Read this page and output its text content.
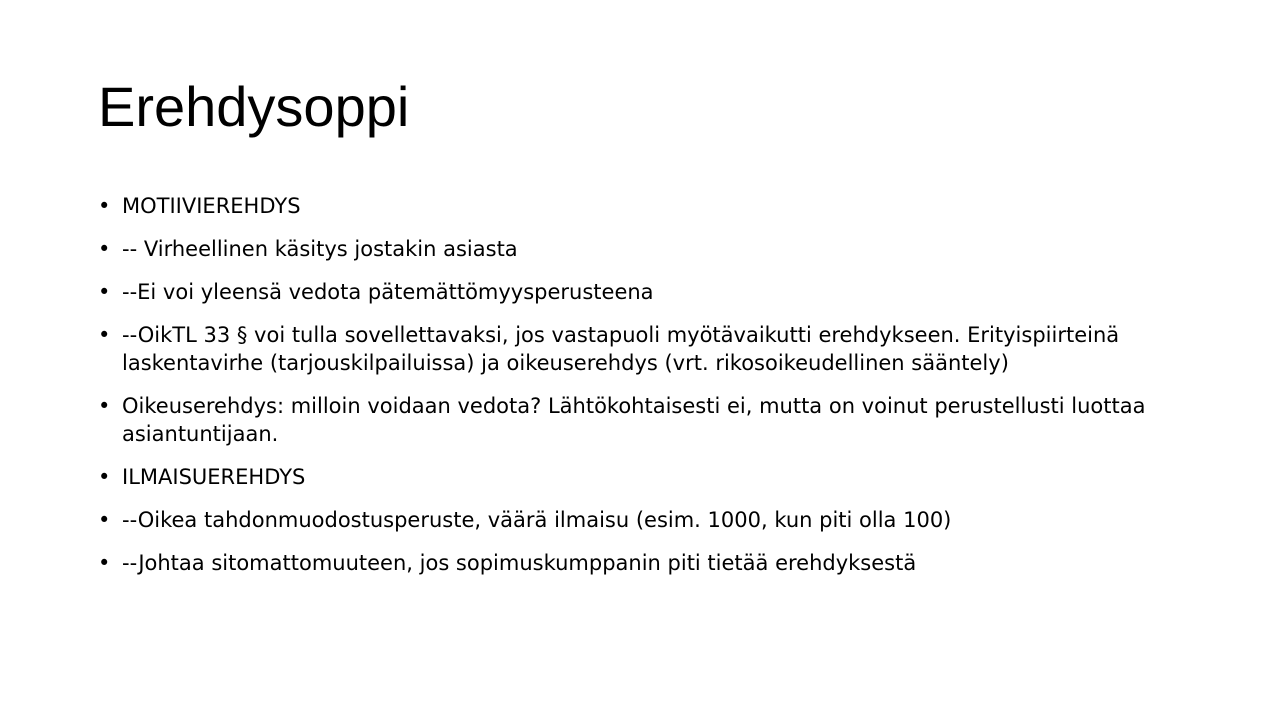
Erehdysoppi
• MOTIIVIEREHDYS
• -- Virheellinen käsitys jostakin asiasta
• --Ei voi yleensä vedota pätemättömyysperusteena
• --OikTL 33 § voi tulla sovellettavaksi, jos vastapuoli myötävaikutti erehdykseen. Erityispiirteinä laskentavirhe (tarjouskilpailuissa) ja oikeuserehdys (vrt. rikosoikeudellinen sääntely)
• Oikeuserehdys: milloin voidaan vedota? Lähtökohtaisesti ei, mutta on voinut perustellusti luottaa asiantuntijaan.
• ILMAISUEREHDYS
• --Oikea tahdonmuodostusperuste, väärä ilmaisu (esim. 1000, kun piti olla 100)
• --Johtaa sitomattomuuteen, jos sopimuskumppanin piti tietää erehdyksestä
